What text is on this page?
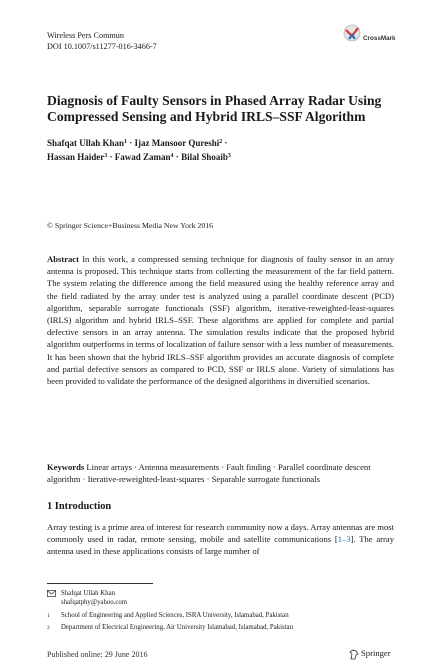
Wireless Pers Commun
DOI 10.1007/s11277-016-3466-7
CrossMark
Diagnosis of Faulty Sensors in Phased Array Radar Using Compressed Sensing and Hybrid IRLS–SSF Algorithm
Shafqat Ullah Khan$^1$ · Ijaz Mansoor Qureshi$^2$ ·
Hassan Haider$^3$ · Fawad Zaman$^4$ · Bilal Shoaib$^3$
© Springer Science+Business Media New York 2016
Abstract In this work, a compressed sensing technique for diagnosis of faulty sensor in an array antenna is proposed. This technique starts from collecting the measurement of the far field pattern. The system relating the difference among the field measured using the healthy reference array and the field radiated by the array under test is analyzed using a parallel coordinate descent (PCD) algorithm, separable surrogate functionals (SSF) algorithm, iterative-reweighted-least-squares (IRLS) algorithm and hybrid IRLS–SSF. These algorithms are applied for complete and partial defective sensors in an array antenna. The simulation results indicate that the proposed hybrid algorithm outperforms in terms of localization of failure sensor with a less number of measurements. It has been shown that the hybrid IRLS–SSF algorithm provides an accurate diagnosis of complete and partial defective sensors as compared to PCD, SSF or IRLS alone. Variety of simulations has been provided to validate the performance of the designed algorithms in diversified scenarios.
Keywords Linear arrays · Antenna measurements · Fault finding · Parallel coordinate descent algorithm · Iterative-reweighted-least-squares · Separable surrogate functionals
1 Introduction
Array testing is a prime area of interest for research community now a days. Array antennas are most commonly used in radar, remote sensing, mobile and satellite communications [1–3]. The array antenna used in these applications consists of large number of
Shafqat Ullah Khan
shafqatphy@yahoo.com
1 School of Engineering and Applied Sciences, ISRA University, Islamabad, Pakistan
2 Department of Electrical Engineering, Air University Islamabad, Islamabad, Pakistan
Published online: 29 June 2016	Springer
